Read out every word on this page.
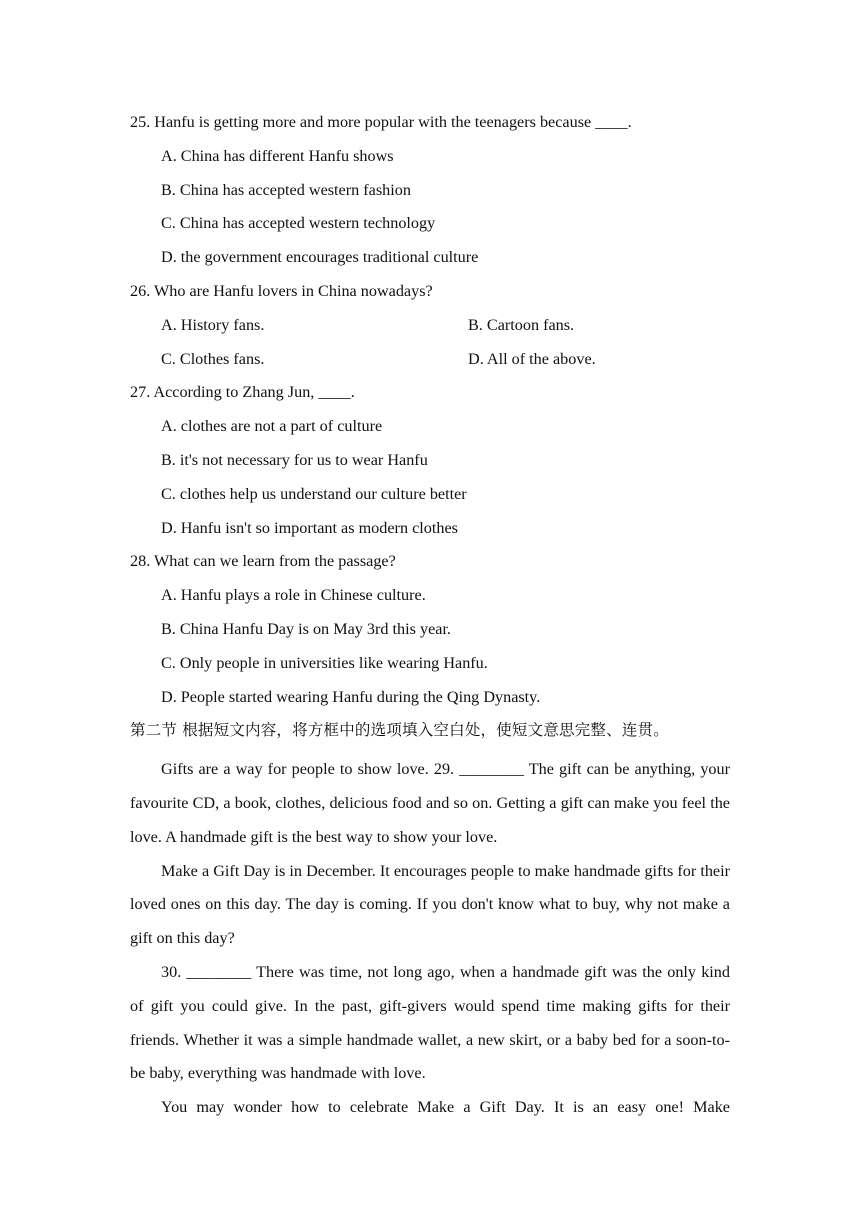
25. Hanfu is getting more and more popular with the teenagers because ____.
A. China has different Hanfu shows
B. China has accepted western fashion
C. China has accepted western technology
D. the government encourages traditional culture
26. Who are Hanfu lovers in China nowadays?
A. History fans.	B. Cartoon fans.
C. Clothes fans.	D. All of the above.
27. According to Zhang Jun, ____.
A. clothes are not a part of culture
B. it's not necessary for us to wear Hanfu
C. clothes help us understand our culture better
D. Hanfu isn't so important as modern clothes
28. What can we learn from the passage?
A. Hanfu plays a role in Chinese culture.
B. China Hanfu Day is on May 3rd this year.
C. Only people in universities like wearing Hanfu.
D. People started wearing Hanfu during the Qing Dynasty.
第二节 根据短文内容，将方框中的选项填入空白处，使短文意思完整、连贯。

Gifts are a way for people to show love. 29. ________ The gift can be anything, your favourite CD, a book, clothes, delicious food and so on. Getting a gift can make you feel the love. A handmade gift is the best way to show your love.

Make a Gift Day is in December. It encourages people to make handmade gifts for their loved ones on this day. The day is coming. If you don't know what to buy, why not make a gift on this day?

30. ________ There was time, not long ago, when a handmade gift was the only kind of gift you could give. In the past, gift-givers would spend time making gifts for their friends. Whether it was a simple handmade wallet, a new skirt, or a baby bed for a soon-to-be baby, everything was handmade with love.

You may wonder how to celebrate Make a Gift Day. It is an easy one! Make
